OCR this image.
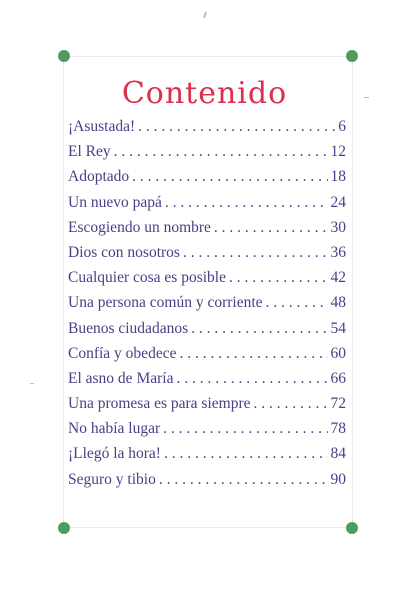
Contenido
¡Asustada! . . .	6
El Rey . . .	12
Adoptado . . .	18
Un nuevo papá . . .	24
Escogiendo un nombre . . .	30
Dios con nosotros . . .	36
Cualquier cosa es posible . . .	42
Una persona común y corriente . . .	48
Buenos ciudadanos . . .	54
Confía y obedece . . .	60
El asno de María . . .	66
Una promesa es para siempre . . .	72
No había lugar . . .	78
¡Llegó la hora! . . .	84
Seguro y tibio . . .	90
